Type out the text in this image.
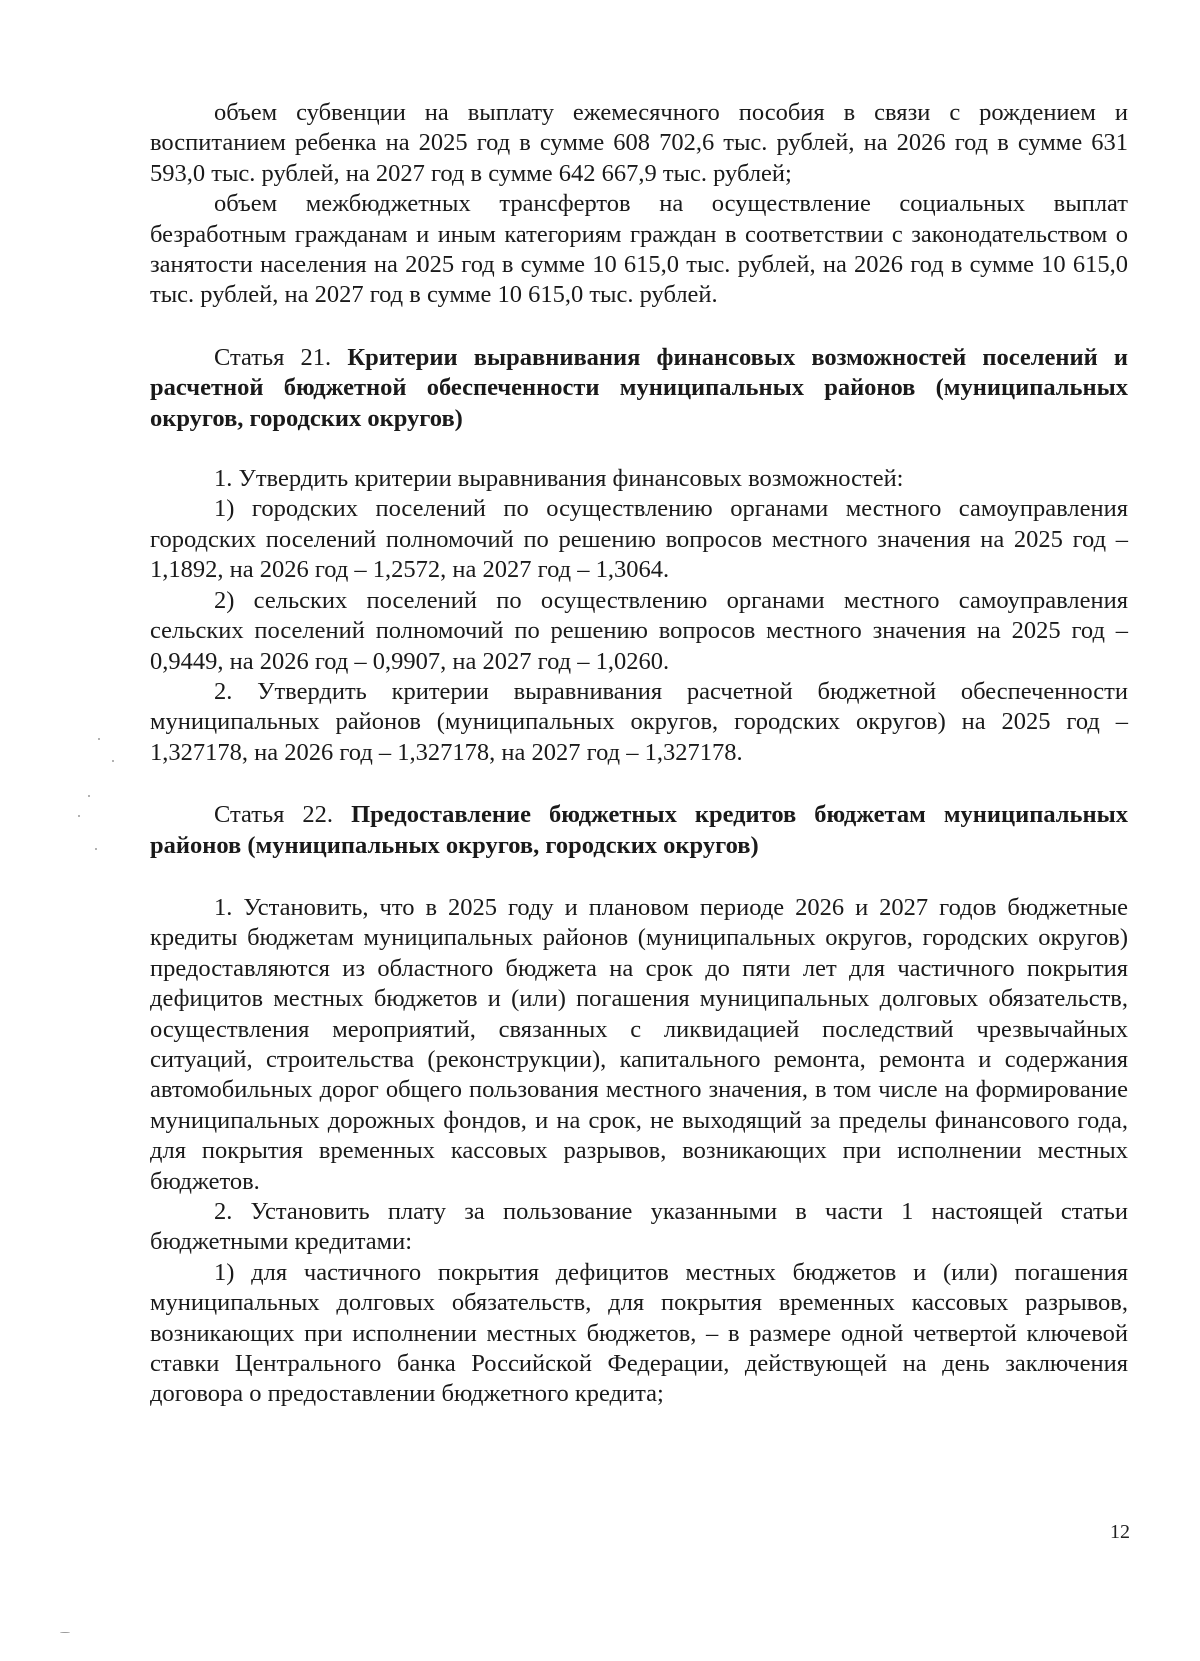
объем субвенции на выплату ежемесячного пособия в связи с рождением и воспитанием ребенка на 2025 год в сумме 608 702,6 тыс. рублей, на 2026 год в сумме 631 593,0 тыс. рублей, на 2027 год в сумме 642 667,9 тыс. рублей;

объем межбюджетных трансфертов на осуществление социальных выплат безработным гражданам и иным категориям граждан в соответствии с законодательством о занятости населения на 2025 год в сумме 10 615,0 тыс. рублей, на 2026 год в сумме 10 615,0 тыс. рублей, на 2027 год в сумме 10 615,0 тыс. рублей.

Статья 21. Критерии выравнивания финансовых возможностей поселений и расчетной бюджетной обеспеченности муниципальных районов (муниципальных округов, городских округов)

1. Утвердить критерии выравнивания финансовых возможностей:

1) городских поселений по осуществлению органами местного самоуправления городских поселений полномочий по решению вопросов местного значения на 2025 год – 1,1892, на 2026 год – 1,2572, на 2027 год – 1,3064.

2) сельских поселений по осуществлению органами местного самоуправления сельских поселений полномочий по решению вопросов местного значения на 2025 год – 0,9449, на 2026 год – 0,9907, на 2027 год – 1,0260.

2. Утвердить критерии выравнивания расчетной бюджетной обеспеченности муниципальных районов (муниципальных округов, городских округов) на 2025 год – 1,327178, на 2026 год – 1,327178, на 2027 год – 1,327178.

Статья 22. Предоставление бюджетных кредитов бюджетам муниципальных районов (муниципальных округов, городских округов)

1. Установить, что в 2025 году и плановом периоде 2026 и 2027 годов бюджетные кредиты бюджетам муниципальных районов (муниципальных округов, городских округов) предоставляются из областного бюджета на срок до пяти лет для частичного покрытия дефицитов местных бюджетов и (или) погашения муниципальных долговых обязательств, осуществления мероприятий, связанных с ликвидацией последствий чрезвычайных ситуаций, строительства (реконструкции), капитального ремонта, ремонта и содержания автомобильных дорог общего пользования местного значения, в том числе на формирование муниципальных дорожных фондов, и на срок, не выходящий за пределы финансового года, для покрытия временных кассовых разрывов, возникающих при исполнении местных бюджетов.

2. Установить плату за пользование указанными в части 1 настоящей статьи бюджетными кредитами:

1) для частичного покрытия дефицитов местных бюджетов и (или) погашения муниципальных долговых обязательств, для покрытия временных кассовых разрывов, возникающих при исполнении местных бюджетов, – в размере одной четвертой ключевой ставки Центрального банка Российской Федерации, действующей на день заключения договора о предоставлении бюджетного кредита;

12
